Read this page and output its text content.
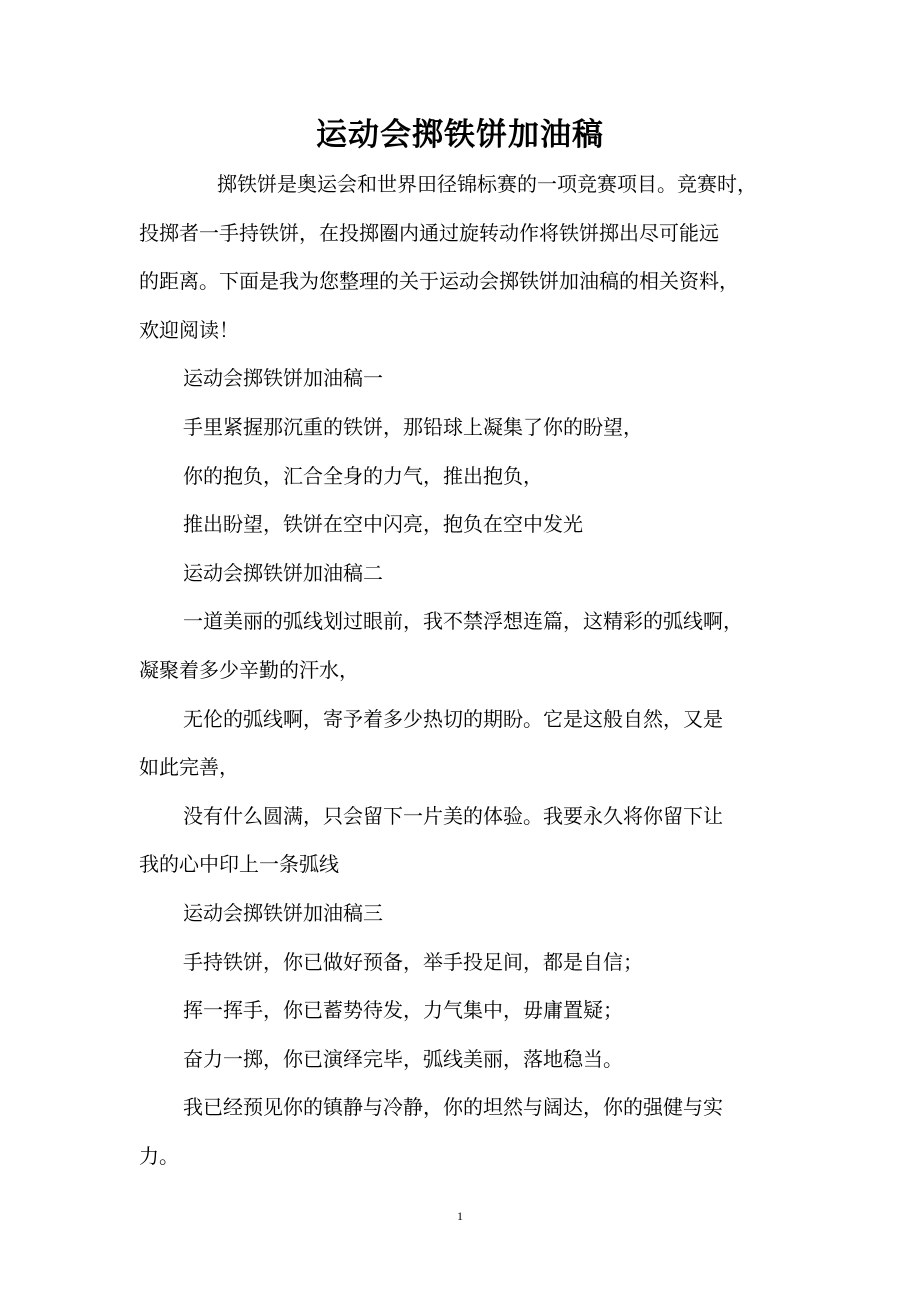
运动会掷铁饼加油稿
掷铁饼是奥运会和世界田径锦标赛的一项竞赛项目。竞赛时，
投掷者一手持铁饼，在投掷圈内通过旋转动作将铁饼掷出尽可能远
的距离。下面是我为您整理的关于运动会掷铁饼加油稿的相关资料，
欢迎阅读！
运动会掷铁饼加油稿一
手里紧握那沉重的铁饼，那铅球上凝集了你的盼望，
你的抱负，汇合全身的力气，推出抱负，
推出盼望，铁饼在空中闪亮，抱负在空中发光
运动会掷铁饼加油稿二
一道美丽的弧线划过眼前，我不禁浮想连篇，这精彩的弧线啊，
凝聚着多少辛勤的汗水，
无伦的弧线啊，寄予着多少热切的期盼。它是这般自然，又是
如此完善，
没有什么圆满，只会留下一片美的体验。我要永久将你留下让
我的心中印上一条弧线
运动会掷铁饼加油稿三
手持铁饼，你已做好预备，举手投足间，都是自信；
挥一挥手，你已蓄势待发，力气集中，毋庸置疑；
奋力一掷，你已演绎完毕，弧线美丽，落地稳当。
我已经预见你的镇静与冷静，你的坦然与阔达，你的强健与实
力。
1
